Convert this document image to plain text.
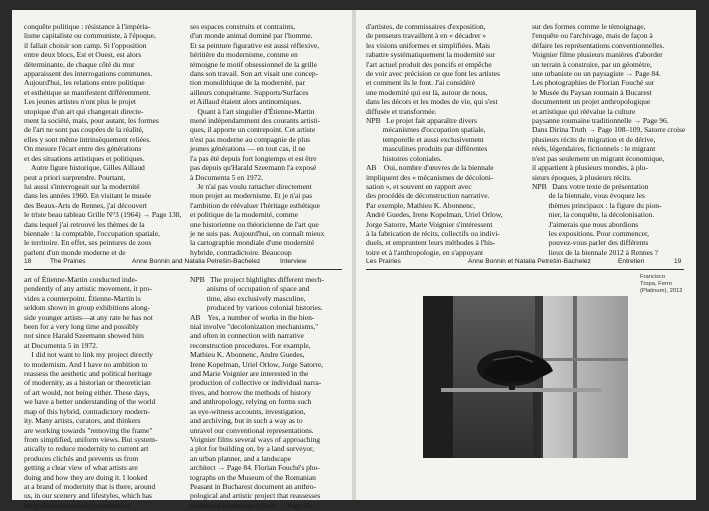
conquête politique : résistance à l'impéria-
lisme capitaliste ou communiste, à l'époque,
il fallait choisir son camp. Si l'opposition
entre deux blocs, Est et Ouest, est alors
déterminante, de chaque côté du mur
apparaissent des interrogations communes.
Aujourd'hui, les relations entre politique
et esthétique se manifestent différemment.
Les jeunes artistes n'ont plus le projet
utopique d'un art qui changerait directe-
ment la société, mais, pour autant, les formes
de l'art ne sont pas coupées de la réalité,
elles y sont même intrinsèquement reliées.
On mesure l'écart entre des générations
et des situations artistiques et politiques.
Autre figure historique, Gilles Aillaud
peut a priori surprendre. Pourtant,
lui aussi s'interrogeait sur la modernité
dans les années 1960. En visitant le musée
des Beaux-Arts de Rennes, j'ai découvert
le triste beau tableau Grille N°3 (1964) → Page 138,
dans lequel j'ai retrouvé les thèmes de la
biennale : la comptable, l'occupation spatiale,
le territoire. En effet, ses peintures de zoos
parlent d'un monde moderne et de
ses espaces construits et contraints,
d'un monde animal dominé par l'homme.
Et sa peinture figurative est aussi réflexive,
héritière du modernisme, comme en
témoigne le motif obsessionnel de la grille
dans son travail. Son art visait une concep-
tion monolithique de la modernité, par
ailleurs conquérante. Supports/Surfaces
et Aillaud étaient alors antinomiques.
Quant à l'art singulier d'Étienne-Martin
mené indépendamment des courants artisti-
ques, il apporte un contrepoint. Cet artiste
n'est pas moderne au compagnie de plus
jeunes générations — en tout cas, il ne
l'a pas été depuis fort longtemps et est être
pas depuis qu'Harald Szeemann l'a exposé
à Documenta 5 en 1972.
Je n'ai pas voulu rattacher directement
mon projet au modernisme. Et je n'ai pas
l'ambition de réévaluer l'héritage esthétique
et politique de la modernité, comme
une historienne ou théoricienne de l'art que
je ne suis pas. Aujourd'hui, on connaît mieux
la cartographie mondiale d'une modernité
hybride, contradictoire. Beaucoup
18	The Prairies	Anne Bonnin and Natalia Petrešin-Bachelez	Interview
art of Étienne-Martin conducted inde-
pendently of any artistic movement, it pro-
vides a counterpoint. Étienne-Martin is
seldom shown in group exhibitions along-
side younger artists—at any rate he has not
been for a very long time and possibly
not since Harald Szeemann showed him
at Documenta 5 in 1972.
I did not want to link my project directly
to modernism. And I have no ambition to
reassess the aesthetic and political heritage
of modernity, as a historian or theoretician
of art would, not being either. These days,
we have a better understanding of the world
map of this hybrid, contradictory modern-
ity. Many artists, curators, and thinkers
are working towards "removing the frame"
from simplified, uniform views. But system-
atically to reduce modernity to current art
produces clichés and prevents us from
getting a clear view of what artists are
doing and how they are doing it. I looked
at a brand of modernity that is there, around
us, in our scenery and lifestyles, which has
been disseminated and transformed.
NPB   The project highlights different mech-
anisms of occupation of space and
time, also exclusively masculine,
produced by various colonial histories.
AB    Yes, a number of works in the bien-
nial involve "decolonization mechanisms,"
and often in connection with narrative
reconstruction procedures. For example,
Mathieu K. Abonnenc, Andre Guedes,
Irene Kopelman, Uriel Orlow, Jorge Satorre,
and Marie Voignier are interested in the
production of collective or individual narra-
tives, and borrow the methods of history
and anthropology, relying on forms such
as eye-witness accounts, investigation,
and archiving, but in such a way as to
unravel our conventional representations.
Voignier films several ways of approaching
a plot for building on, by a land surveyor,
an urban planner, and a landscape
architect → Page 84. Florian Fouché's pho-
tographs on the Museum of the Romanian
Peasant in Bucharest document an anthro-
pological and artistic project that reassesses
traditional Romanian culture → Page 96.
d'artistes, de commissaires d'exposition,
de penseurs travaillent à en « décadrer »
les visions uniformes et simplifiées. Mais
rabattre systématiquement la modernité sur
l'art actuel produit des poncifs et empêche
de voir avec précision ce que font les artistes
et comment ils le font. J'ai considéré
une modernité qui est là, autour de nous,
dans les décors et les modes de vie, qui s'est
diffusée et transformée.
NPB   Le projet fait apparaître divers
mécanismes d'occupation spatiale,
temporelle et aussi exclusivement
masculines produits par différentes
histoires coloniales.
AB    Oui, nombre d'œuvres de la biennale
impliquent des « mécanismes de décoloni-
sation », et souvent en rapport avec
des procédés de déconstruction narrative.
Par exemple, Mathieu K. Abonnenc,
André Guedes, Irene Kopelman, Uriel Orlow,
Jorge Satorre, Marie Voignier s'intéressent
à la fabrication de récits, collectifs ou indivi-
duels, et empruntent leurs méthodes à l'his-
toire et à l'anthropologie, en s'appuyant
sur des formes comme le témoignage,
l'enquête ou l'archivage, mais de façon à
défaire les représentations conventionnelles.
Voignier filme plusieurs manières d'aborder
un terrain à construire, par un géomètre,
une urbaniste ou un paysagiste → Page 84.
Les photographies de Florian Fouché sur
le Musée du Paysan roumain à Bucarest
documentent un projet anthropologique
et artistique qui réévalue la culture
paysanne roumaine traditionnelle → Page 96.
Dans Dirina Truth → Page 108–109, Satorre croise
plusieurs récits de migration et de dérive,
réels, légendaires, fictionnels : le migrant
n'est pas seulement un migrant économique,
il appartient à plusieurs mondes, à plu-
sieurs époques, à plusieurs récits.
NPB   Dans votre texte de présentation
de la biennale, vous évoquez les
thèmes principaux : la figure du pion-
nier, la conquête, la décolonisation.
J'aimerais que nous abordions
les expositions. Pour commencer,
pouvez-vous parler des différents
lieux de la biennale 2012 à Rennes ?
Les Prairies	Anne Bonnin et Natalia Petrešin-Bachelez	Entretien	19
Francisco
Tropa, Ferro
(Platinum), 2012
